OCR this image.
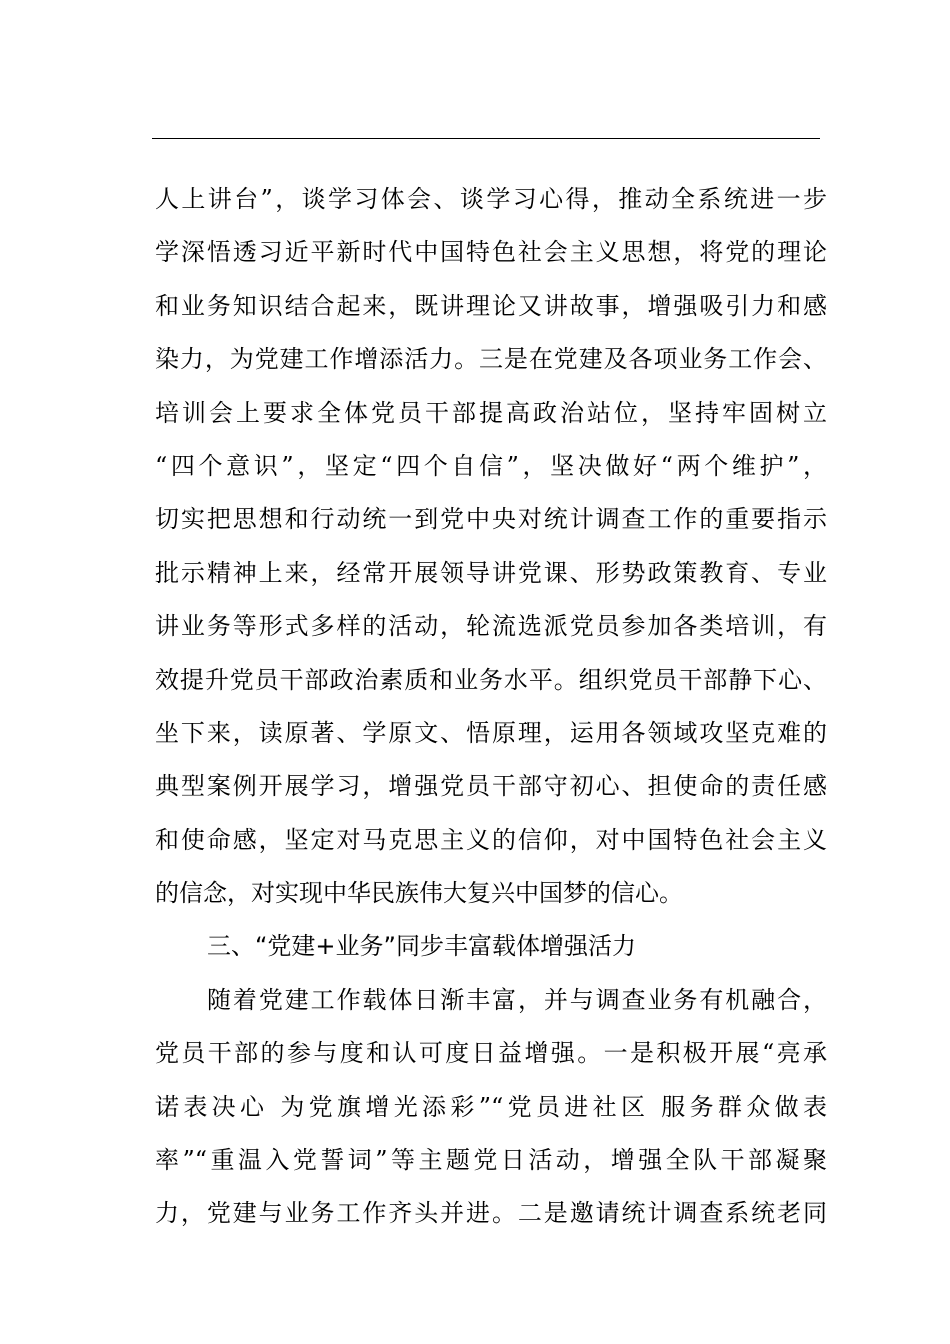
人上讲台”，谈学习体会、谈学习心得，推动全系统进一步
学深悟透习近平新时代中国特色社会主义思想，将党的理论
和业务知识结合起来，既讲理论又讲故事，增强吸引力和感
染力，为党建工作增添活力。三是在党建及各项业务工作会、
培训会上要求全体党员干部提高政治站位，坚持牢固树立
“四个意识”，坚定“四个自信”，坚决做好“两个维护”，
切实把思想和行动统一到党中央对统计调查工作的重要指示
批示精神上来，经常开展领导讲党课、形势政策教育、专业
讲业务等形式多样的活动，轮流选派党员参加各类培训，有
效提升党员干部政治素质和业务水平。组织党员干部静下心、
坐下来，读原著、学原文、悟原理，运用各领域攻坚克难的
典型案例开展学习，增强党员干部守初心、担使命的责任感
和使命感，坚定对马克思主义的信仰，对中国特色社会主义
的信念，对实现中华民族伟大复兴中国梦的信心。
三、“党建+业务”同步丰富载体增强活力
随着党建工作载体日渐丰富，并与调查业务有机融合，
党员干部的参与度和认可度日益增强。一是积极开展“亮承
诺表决心 为党旗增光添彩”“党员进社区 服务群众做表
率”“重温入党誓词”等主题党日活动，增强全队干部凝聚
力，党建与业务工作齐头并进。二是邀请统计调查系统老同
